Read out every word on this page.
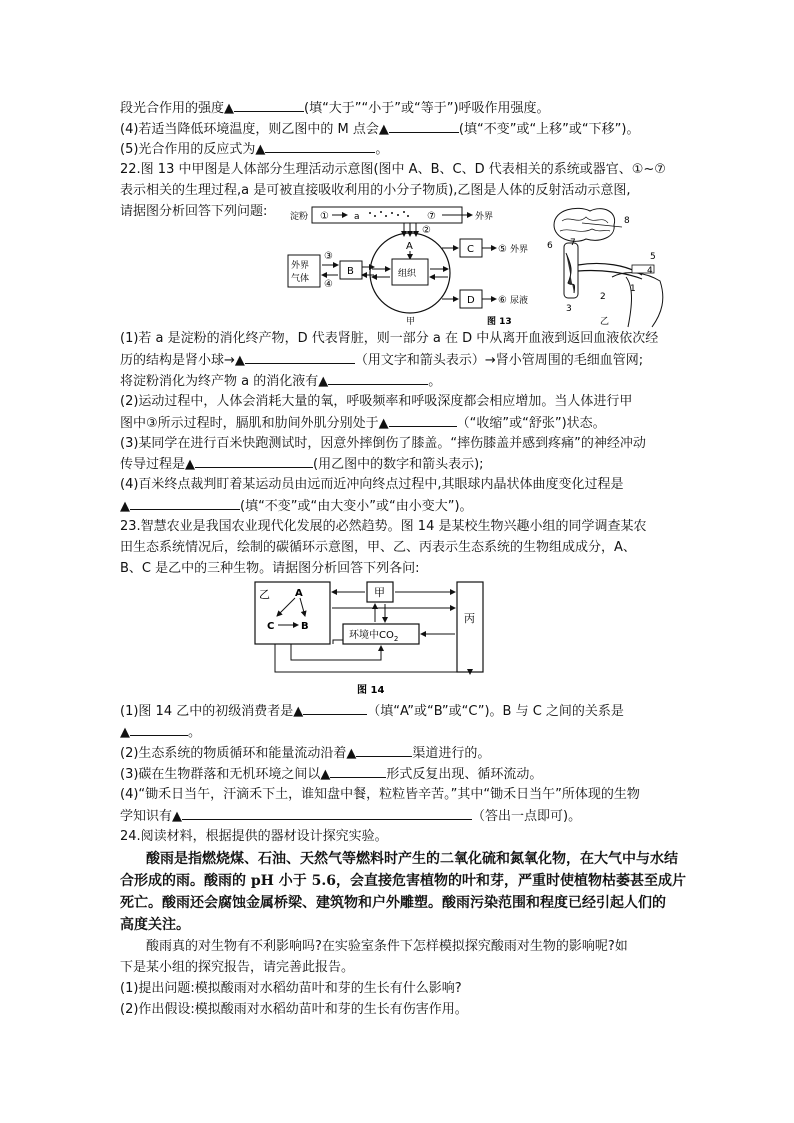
段光合作用的强度▲	(填“大于”“小于”或“等于”)呼吸作用强度。
(4)若适当降低环境温度，则乙图中的 M 点会▲	(填“不变”或“上移”或“下移”)。
(5)光合作用的反应式为▲	。
22.图 13 中甲图是人体部分生理活动示意图(图中 A、B、C、D 代表相关的系统或器官、①~⑦
表示相关的生理过程,a 是可被直接吸收利用的小分子物质),乙图是人体的反射活动示意图,
请据图分析回答下列问题:	淀粉 ①	a	⑦	外界
②
A
组织
外界
气体
③
④
B
C ⑤ 外界
D ⑥ 尿液
甲	图 13
8
6 7
5
4
1
2
3
乙
(1)若 a 是淀粉的消化终产物，D 代表肾脏，则一部分 a 在 D 中从离开血液到返回血液依次经
历的结构是肾小球→▲	（用文字和箭头表示）→肾小管周围的毛细血管网;
将淀粉消化为终产物 a 的消化液有▲	。
(2)运动过程中，人体会消耗大量的氧，呼吸频率和呼吸深度都会相应增加。当人体进行甲
图中③所示过程时，膈肌和肋间外肌分别处于▲	（“收缩”或“舒张”)状态。
(3)某同学在进行百米快跑测试时，因意外摔倒伤了膝盖。“摔伤膝盖并感到疼痛”的神经冲动
传导过程是▲	(用乙图中的数字和箭头表示);
(4)百米终点裁判盯着某运动员由远而近冲向终点过程中,其眼球内晶状体曲度变化过程是
▲	(填“不变”或“由大变小”或“由小变大”)。
23.智慧农业是我国农业现代化发展的必然趋势。图 14 是某校生物兴趣小组的同学调查某农
田生态系统情况后，绘制的碳循环示意图，甲、乙、丙表示生态系统的生物组成成分，A、
B、C 是乙中的三种生物。请据图分析回答下列各问:
乙	A
C	B
甲
环境中$CO_2$
丙
图 14
(1)图 14 乙中的初级消费者是▲	（填“A”或“B”或“C”)。B 与 C 之间的关系是
▲	。
(2)生态系统的物质循环和能量流动沿着▲	渠道进行的。
(3)碳在生物群落和无机环境之间以▲	形式反复出现、循环流动。
(4)“锄禾日当午，汗滴禾下土，谁知盘中餐，粒粒皆辛苦。”其中“锄禾日当午”所体现的生物
学知识有▲	（答出一点即可)。
24.阅读材料，根据提供的器材设计探究实验。
酸雨是指燃烧煤、石油、天然气等燃料时产生的二氧化硫和氮氧化物，在大气中与水结
合形成的雨。酸雨的 pH 小于 5.6，会直接危害植物的叶和芽，严重时使植物枯萎甚至成片
死亡。酸雨还会腐蚀金属桥梁、建筑物和户外雕塑。酸雨污染范围和程度已经引起人们的
高度关注。
酸雨真的对生物有不利影响吗?在实验室条件下怎样模拟探究酸雨对生物的影响呢?如
下是某小组的探究报告，请完善此报告。
(1)提出问题:模拟酸雨对水稻幼苗叶和芽的生长有什么影响?
(2)作出假设:模拟酸雨对水稻幼苗叶和芽的生长有伤害作用。
